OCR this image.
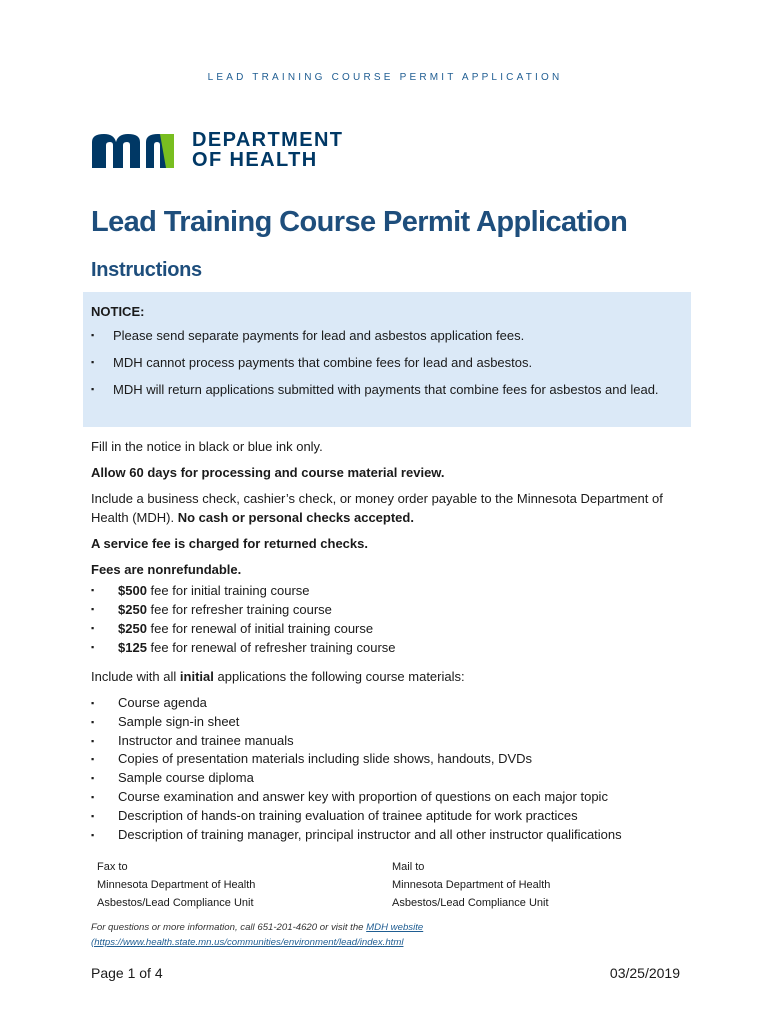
LEAD TRAINING COURSE PERMIT APPLICATION
DEPARTMENT
OF HEALTH
Lead Training Course Permit Application
Instructions
NOTICE:
▪ Please send separate payments for lead and asbestos application fees.
▪ MDH cannot process payments that combine fees for lead and asbestos.
▪ MDH will return applications submitted with payments that combine fees for asbestos and lead.

Fill in the notice in black or blue ink only.

Allow 60 days for processing and course material review.

Include a business check, cashier’s check, or money order payable to the Minnesota Department of Health (MDH). No cash or personal checks accepted.

A service fee is charged for returned checks.

Fees are nonrefundable.

▪ $500 fee for initial training course
▪ $250 fee for refresher training course
▪ $250 fee for renewal of initial training course
▪ $125 fee for renewal of refresher training course

Include with all initial applications the following course materials:

▪ Course agenda
▪ Sample sign-in sheet
▪ Instructor and trainee manuals
▪ Copies of presentation materials including slide shows, handouts, DVDs
▪ Sample course diploma
▪ Course examination and answer key with proportion of questions on each major topic
▪ Description of hands-on training evaluation of trainee aptitude for work practices
▪ Description of training manager, principal instructor and all other instructor qualifications
Fax to
Minnesota Department of Health
Asbestos/Lead Compliance Unit
Mail to
Minnesota Department of Health
Asbestos/Lead Compliance Unit
For questions or more information, call 651-201-4620 or visit the MDH website (https://www.health.state.mn.us/communities/environment/lead/index.html
Page 1 of 4	03/25/2019
